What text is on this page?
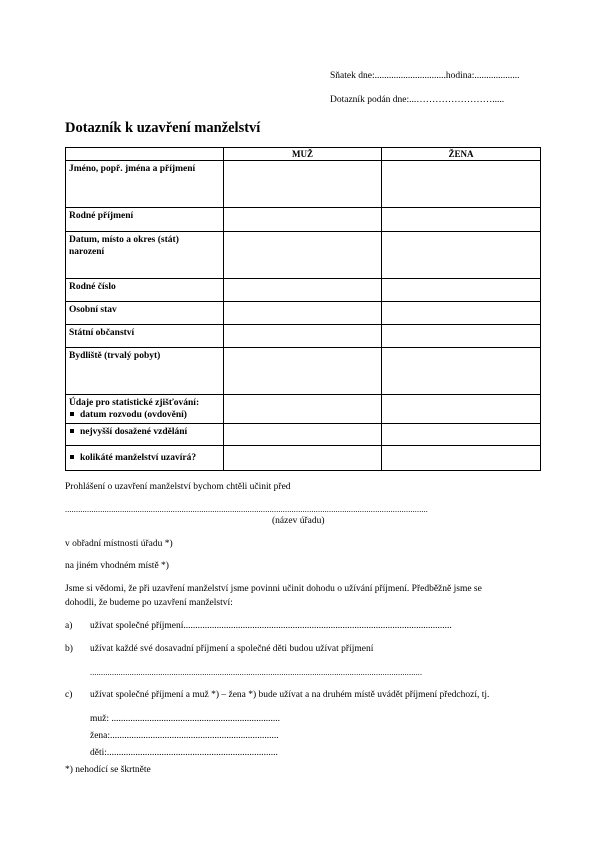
Sňatek dne:..............................hodina:...................
Dotazník podán dne:...…………………….....
Dotazník k uzavření manželství
	MUŽ	ŽENA
Jméno, popř. jména a příjmení		
Rodné příjmení		

Datum, místo a okres (stát)
narození		

Rodné číslo		
Osobní stav		
Státní občanství		
Bydliště (trvalý pobyt)		

Údaje pro statistické zjišťování:
datum rozvodu (ovdovění)		

nejvyšší dosažené vzdělání		
kolikáté manželství uzavírá?		
Prohlášení o uzavření manželství bychom chtěli učinit před
.....................................................................................................................................................................
(název úřadu)
v obřadní místnosti úřadu *)
na jiném vhodném místě *)
Jsme si vědomi, že při uzavření manželství jsme povinni učinit dohodu o užívání příjmení. Předběžně jsme se
dohodli, že budeme po uzavření manželství:
a) užívat společné příjmení.................................................................................................................
b) užívat každé své dosavadní příjmení a společné děti budou užívat příjmení
.......................................................................................................................................................
c) užívat společné příjmení a muž *) – žena *) bude užívat a na druhém místě uvádět příjmení předchozí, tj.
muž: .......................................................................
žena:.......................................................................
děti:........................................................................
*) nehodící se škrtněte
